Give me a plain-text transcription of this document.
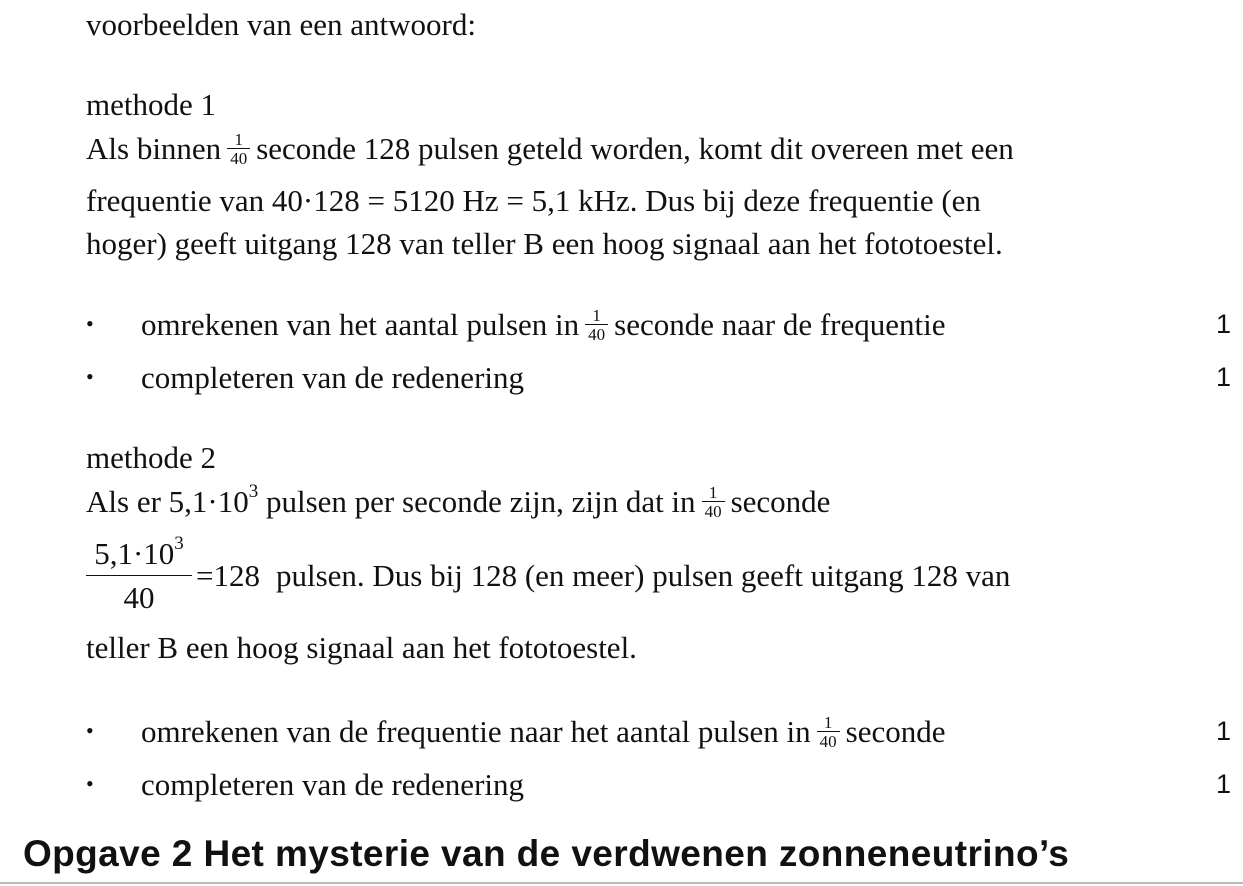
voorbeelden van een antwoord:
methode 1
Als binnen $\frac{1}{40}$ seconde 128 pulsen geteld worden, komt dit overeen met een
frequentie van 40·128 = 5120 Hz = 5,1 kHz. Dus bij deze frequentie (en
hoger) geeft uitgang 128 van teller B een hoog signaal aan het fototoestel.
• omrekenen van het aantal pulsen in $\frac{1}{40}$ seconde naar de frequentie	1
• completeren van de redenering	1
methode 2
Als er $5,1\cdot 10^3$ pulsen per seconde zijn, zijn dat in $\frac{1}{40}$ seconde
$\frac{5,1\cdot 10^3}{40} =128$ pulsen. Dus bij 128 (en meer) pulsen geeft uitgang 128 van
teller B een hoog signaal aan het fototoestel.
• omrekenen van de frequentie naar het aantal pulsen in $\frac{1}{40}$ seconde	1
• completeren van de redenering	1
Opgave 2 Het mysterie van de verdwenen zonneneutrino’s
